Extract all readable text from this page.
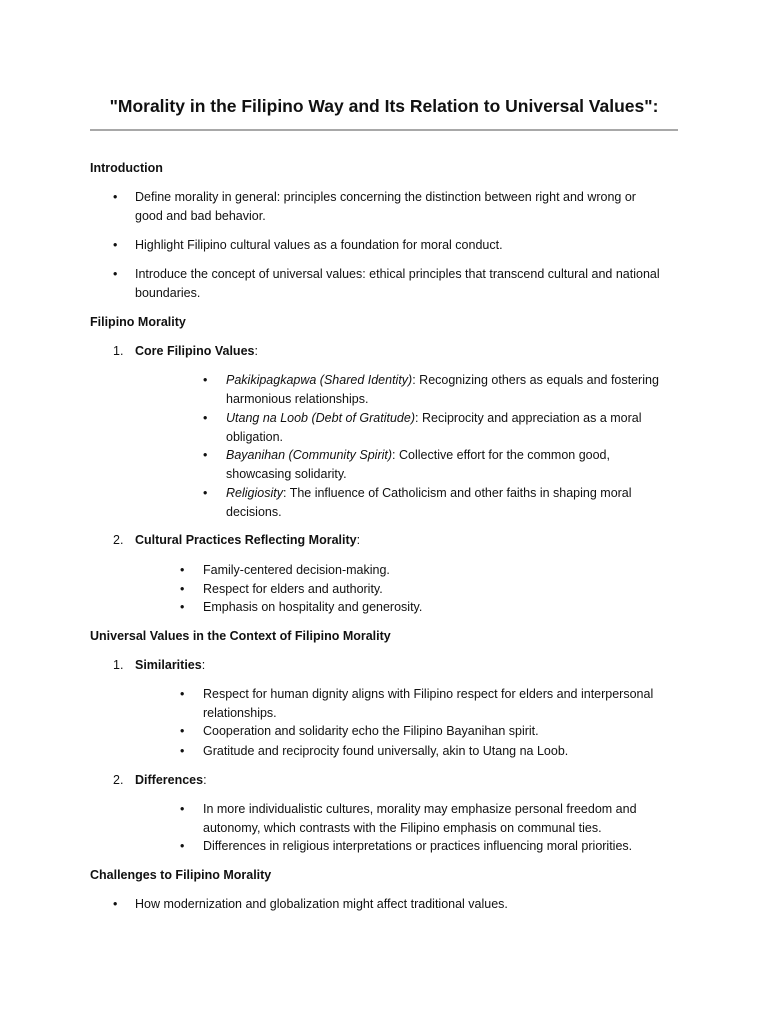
"Morality in the Filipino Way and Its Relation to Universal Values":
Introduction
•	Define morality in general: principles concerning the distinction between right and wrong or good and bad behavior.
•	Highlight Filipino cultural values as a foundation for moral conduct.
•	Introduce the concept of universal values: ethical principles that transcend cultural and national boundaries.
Filipino Morality
1. Core Filipino Values:
•	Pakikipagkapwa (Shared Identity): Recognizing others as equals and fostering harmonious relationships.
•	Utang na Loob (Debt of Gratitude): Reciprocity and appreciation as a moral obligation.
•	Bayanihan (Community Spirit): Collective effort for the common good, showcasing solidarity.
•	Religiosity: The influence of Catholicism and other faiths in shaping moral decisions.
2. Cultural Practices Reflecting Morality:
•	Family-centered decision-making.
•	Respect for elders and authority.
•	Emphasis on hospitality and generosity.
Universal Values in the Context of Filipino Morality
1. Similarities:
•	Respect for human dignity aligns with Filipino respect for elders and interpersonal relationships.
•	Cooperation and solidarity echo the Filipino Bayanihan spirit.
•	Gratitude and reciprocity found universally, akin to Utang na Loob.
2. Differences:
•	In more individualistic cultures, morality may emphasize personal freedom and autonomy, which contrasts with the Filipino emphasis on communal ties.
•	Differences in religious interpretations or practices influencing moral priorities.
Challenges to Filipino Morality
•	How modernization and globalization might affect traditional values.
